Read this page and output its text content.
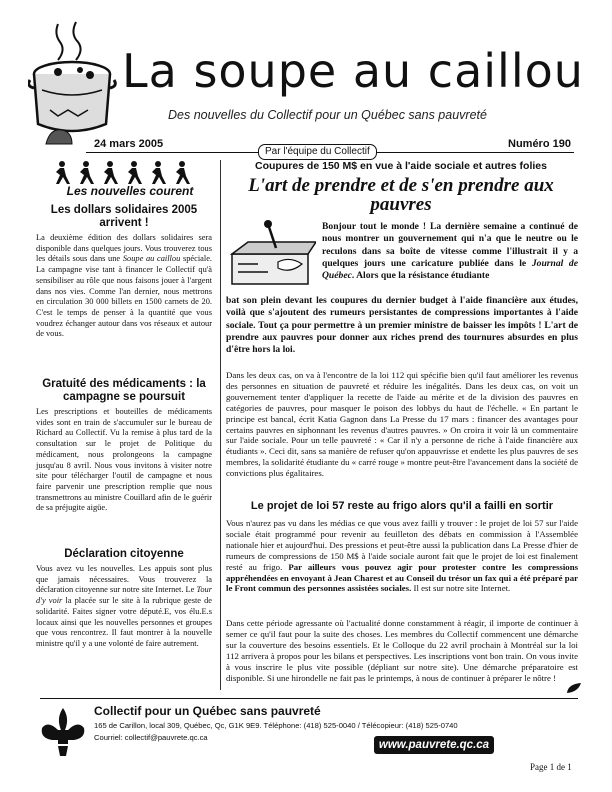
La soupe au caillou
Des nouvelles du Collectif pour un Québec sans pauvreté
24 mars 2005	Numéro 190
Par l'équipe du Collectif
Les nouvelles courent
Les dollars solidaires 2005 arrivent !

La deuxième édition des dollars solidaires sera disponible dans quelques jours. Vous trouverez tous les détails sous dans une Soupe au caillou spéciale. La campagne vise tant à financer le Collectif qu'à sensibiliser au rôle que nous faisons jouer à l'argent dans nos vies. Comme l'an dernier, nous mettrons en circulation 30 000 billets en 1500 carnets de 20. C'est le temps de penser à la quantité que vous voudrez échanger autour dans vos réseaux et autour de vous.

Gratuité des médicaments : la campagne se poursuit

Les prescriptions et bouteilles de médicaments vides sont en train de s'accumuler sur le bureau de Richard au Collectif. Vu la remise à plus tard de la consultation sur le projet de Politique du médicament, nous prolongeons la campagne jusqu'au 8 avril. Nous vous invitons à visiter notre site pour télécharger l'outil de campagne et nous faire parvenir une prescription remplie que nous transmettrons au ministre Couillard afin de le guérir de sa préjugite aigüe.

Déclaration citoyenne

Vous avez vu les nouvelles. Les appuis sont plus que jamais nécessaires. Vous trouverez la déclaration citoyenne sur notre site Internet. Le Tour d'y voir la placée sur le site à la rubrique geste de solidarité. Faites signer votre député.E, vos élu.E.s locaux ainsi que les nouvelles personnes et groupes que vous rencontrez. Il faut montrer à la nouvelle ministre qu'il y a une volonté de faire autrement.

Coupures de 150 M$ en vue à l'aide sociale et autres folies
L'art de prendre et de s'en prendre aux pauvres
Bonjour tout le monde ! La dernière semaine a continué de nous montrer un gouvernement qui n'a que le neutre ou le reculons dans sa boîte de vitesse comme l'illustrait il y a quelques jours une caricature publiée dans le Journal de Québec. Alors que la résistance étudiante
bat son plein devant les coupures du dernier budget à l'aide financière aux études, voilà que s'ajoutent des rumeurs persistantes de compressions importantes à l'aide sociale. Tout ça pour permettre à un premier ministre de baisser les impôts ! L'art de prendre aux pauvres pour donner aux riches prend des tournures absurdes en plus d'être hors la loi.
Dans les deux cas, on va à l'encontre de la loi 112 qui spécifie bien qu'il faut améliorer les revenus des personnes en situation de pauvreté et réduire les inégalités. Dans les deux cas, on voit un gouvernement tenter d'appliquer la recette de l'aide au mérite et de la division des pauvres en catégories de pauvres, pour masquer le poison des lobbys du haut de l'échelle. « En partant le principe est bancal, écrit Katia Gagnon dans La Presse du 17 mars : financer des avantages pour certains pauvres en siphonnant les revenus d'autres pauvres. » On croira it voir là un commentaire sur l'aide sociale. Pour un telle pauvreté : « Car il n'y a personne de riche à l'aide financière aux étudiants ». Ceci dit, sans sa manière de refuser qu'on appauvrisse et endette les plus pauvres de ses membres, la solidarité étudiante du « carré rouge » montre peut-être l'avancement dans la société de convictions plus égalitaires.
Le projet de loi 57 reste au frigo alors qu'il a failli en sortir
Vous n'aurez pas vu dans les médias ce que vous avez failli y trouver : le projet de loi 57 sur l'aide sociale était programmé pour revenir au feuilleton des débats en commission à l'Assemblée nationale hier et aujourd'hui. Des pressions et peut-être aussi la publication dans La Presse d'hier de rumeurs de compressions de 150 M$ à l'aide sociale auront fait que le projet de loi est finalement resté au frigo. Par ailleurs vous pouvez agir pour protester contre les compressions appréhendées en envoyant à Jean Charest et au Conseil du trésor un fax qui a été préparé par le Front commun des personnes assistées sociales. Il est sur notre site Internet.
Dans cette période agressante où l'actualité donne constamment à réagir, il importe de continuer à semer ce qu'il faut pour la suite des choses. Les membres du Collectif commencent une démarche sur la couverture des besoins essentiels. Et le Colloque du 22 avril prochain à Montréal sur la loi 112 arrivera à propos pour les bilans et perspectives. Les inscriptions vont bon train. On vous invite à vous inscrire le plus vite possible (dépliant sur notre site). Une démarche préparatoire est disponible. Si une hirondelle ne fait pas le printemps, à nous de continuer à préparer le nôtre !
Collectif pour un Québec sans pauvreté
165 de Carillon, local 309, Québec, Qc, G1K 9E9. Téléphone: (418) 525-0040 / Télécopieur: (418) 525-0740
Courriel: collectif@pauvrete.qc.ca
www.pauvrete.qc.ca
Page 1 de 1
